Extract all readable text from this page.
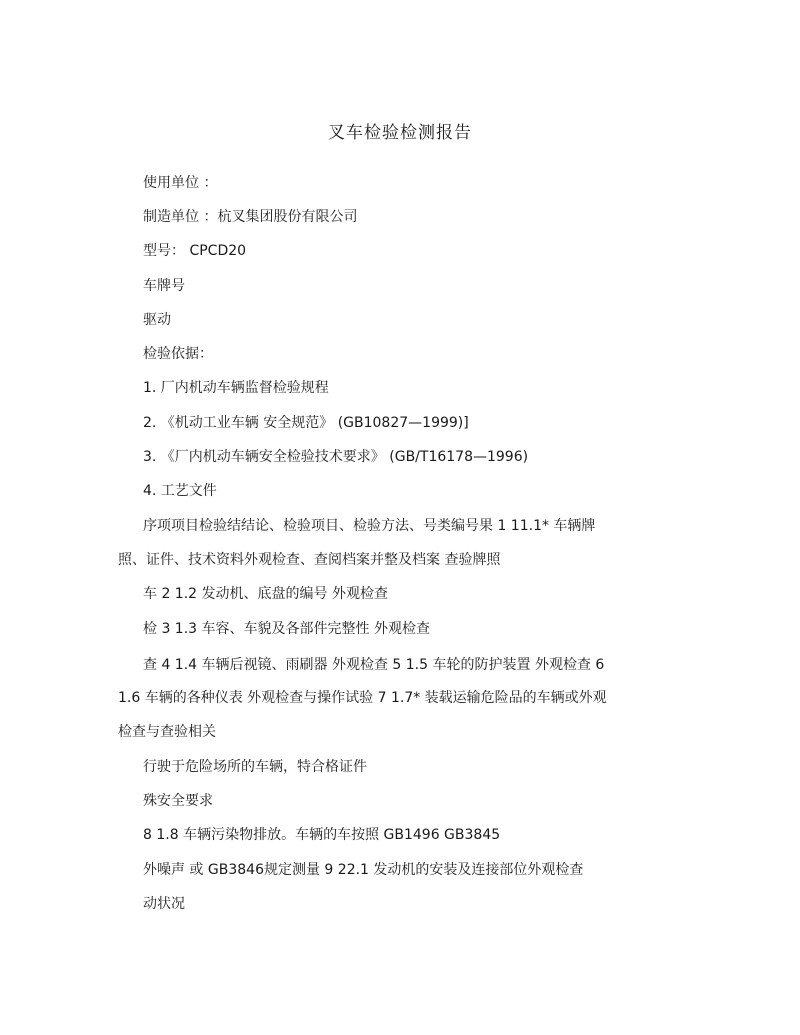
叉车检验检测报告
使用单位 ：
制造单位 ：杭叉集团股份有限公司
型号： CPCD20
车牌号
驱动
检验依据：
1. 厂内机动车辆监督检验规程
2. 《机动工业车辆 安全规范》 (GB10827—1999)]
3. 《厂内机动车辆安全检验技术要求》 (GB/T16178—1996)
4. 工艺文件
序项项目检验结结论、检验项目、检验方法、号类编号果 1 11.1* 车辆牌
照、证件、技术资料外观检查、查阅档案并整及档案 查验牌照
车 2 1.2 发动机、底盘的编号 外观检查
检 3 1.3 车容、车貌及各部件完整性 外观检查
查 4 1.4 车辆后视镜、雨刷器 外观检查 5 1.5 车轮的防护装置 外观检查 6
1.6 车辆的各种仪表 外观检查与操作试验 7 1.7* 装载运输危险品的车辆或外观
检查与查验相关
行驶于危险场所的车辆，特合格证件
殊安全要求
8 1.8 车辆污染物排放。车辆的车按照 GB1496 GB3845
外噪声 或 GB3846规定测量 9 22.1 发动机的安装及连接部位外观检查
动状况
